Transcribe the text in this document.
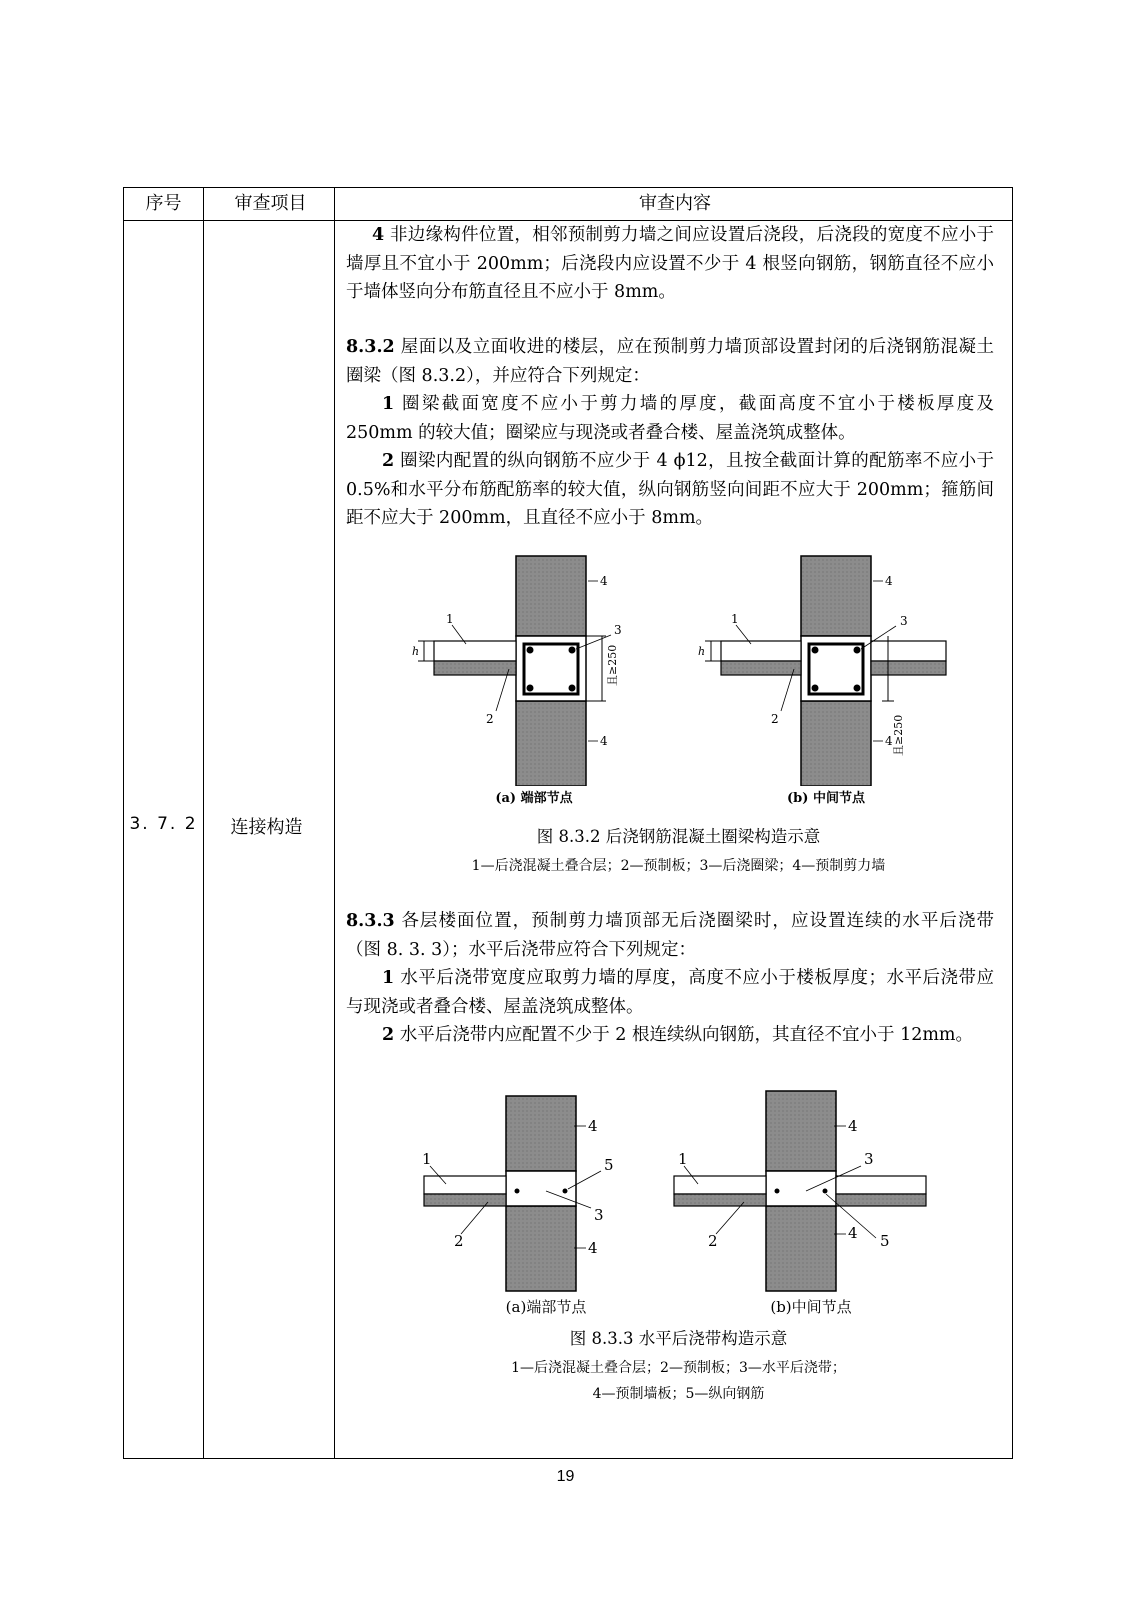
序号	审查项目	审查内容
3. 7. 2	连接构造
4 非边缘构件位置，相邻预制剪力墙之间应设置后浇段，后浇段的宽度不应小于墙厚且不宜小于 200mm；后浇段内应设置不少于 4 根竖向钢筋，钢筋直径不应小于墙体竖向分布筋直径且不应小于 8mm。
8.3.2 屋面以及立面收进的楼层，应在预制剪力墙顶部设置封闭的后浇钢筋混凝土圈梁（图 8.3.2），并应符合下列规定：
1 圈梁截面宽度不应小于剪力墙的厚度，截面高度不宜小于楼板厚度及 250mm 的较大值；圈梁应与现浇或者叠合楼、屋盖浇筑成整体。
2 圈梁内配置的纵向钢筋不应少于 4 ϕ12，且按全截面计算的配筋率不应小于 0.5%和水平分布筋配筋率的较大值，纵向钢筋竖向间距不应大于 200mm；箍筋间距不应大于 200mm，且直径不应小于 8mm。
1
2
3
4
4
h	且≥250
1
2
3
4
4
h
且≥250
(a) 端部节点	(b) 中间节点
图 8.3.2 后浇钢筋混凝土圈梁构造示意
1—后浇混凝土叠合层；2—预制板；3—后浇圈梁；4—预制剪力墙
8.3.3 各层楼面位置，预制剪力墙顶部无后浇圈梁时，应设置连续的水平后浇带（图 8. 3. 3）；水平后浇带应符合下列规定：
1 水平后浇带宽度应取剪力墙的厚度，高度不应小于楼板厚度；水平后浇带应与现浇或者叠合楼、屋盖浇筑成整体。
2 水平后浇带内应配置不少于 2 根连续纵向钢筋，其直径不宜小于 12mm。
1
2
3
4
4
5	1
2
3
4
4 5
(a)端部节点	(b)中间节点
图 8.3.3 水平后浇带构造示意
1—后浇混凝土叠合层；2—预制板；3—水平后浇带；
4—预制墙板；5—纵向钢筋
19
